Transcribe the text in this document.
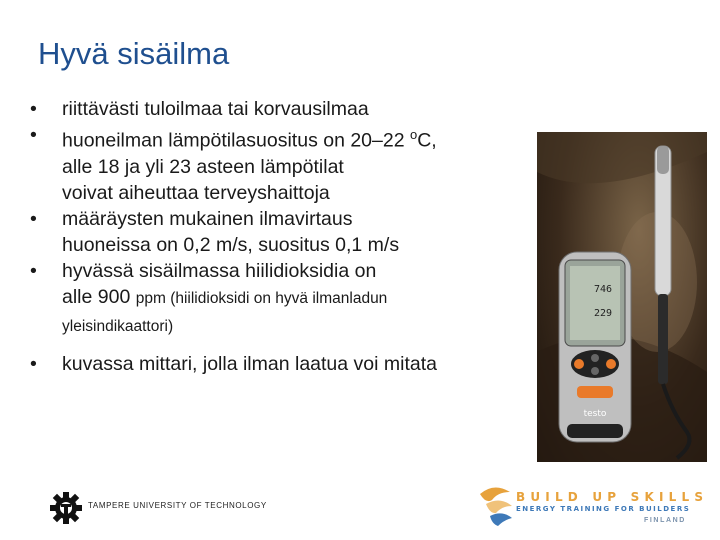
Hyvä sisäilma
• riittävästi tuloilmaa tai korvausilmaa
• huoneilman lämpötilasuositus on 20–22 $^o$C,
alle 18 ja yli 23 asteen lämpötilat
voivat aiheuttaa terveyshaittoja
• määräysten mukainen ilmavirtaus
huoneissa on 0,2 m/s, suositus 0,1 m/s
• hyvässä sisäilmassa hiilidioksidia on
alle 900 ppm (hiilidioksidi on hyvä ilmanladun
yleisindikaattori)
• kuvassa mittari, jolla ilman laatua voi mitata
746
229
testo
TAMPERE UNIVERSITY OF TECHNOLOGY
BUILD UP SKILLS
ENERGY TRAINING FOR BUILDERS
FINLAND
